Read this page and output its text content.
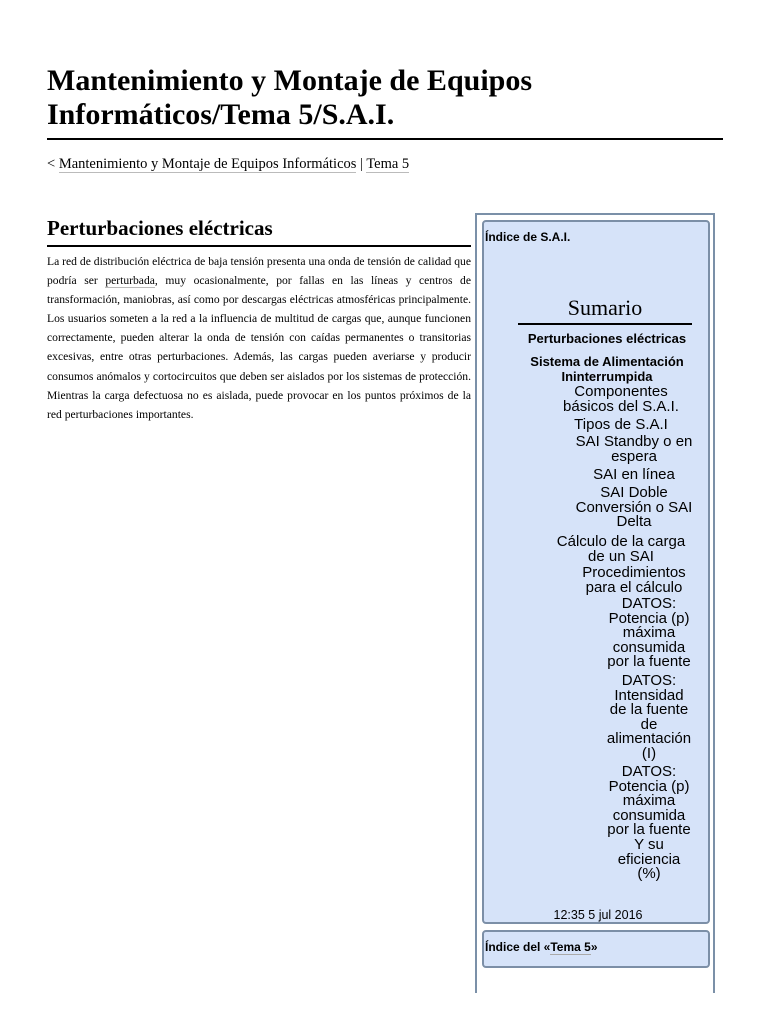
Mantenimiento y Montaje de Equipos Informáticos/Tema 5/S.A.I.
< Mantenimiento y Montaje de Equipos Informáticos | Tema 5
Perturbaciones eléctricas

La red de distribución eléctrica de baja tensión presenta una onda de tensión de calidad que podría ser perturbada, muy ocasionalmente, por fallas en las líneas y centros de transformación, maniobras, así como por descargas eléctricas atmosféricas principalmente. Los usuarios someten a la red a la influencia de multitud de cargas que, aunque funcionen correctamente, pueden alterar la onda de tensión con caídas permanentes o transitorias excesivas, entre otras perturbaciones. Además, las cargas pueden averiarse y producir consumos anómalos y cortocircuitos que deben ser aislados por los sistemas de protección. Mientras la carga defectuosa no es aislada, puede provocar en los puntos próximos de la red perturbaciones importantes.

Índice de S.A.I.
Sumario
Perturbaciones eléctricas
Sistema de Alimentación Ininterrumpida
Componentes básicos del S.A.I.
Tipos de S.A.I
SAI Standby o en espera
SAI en línea
SAI Doble Conversión o SAI Delta
Cálculo de la carga de un SAI
Procedimientos para el cálculo
DATOS: Potencia (p) máxima consumida por la fuente
DATOS: Intensidad de la fuente de alimentación (I)
DATOS: Potencia (p) máxima consumida por la fuente Y su eficiencia (%)
12:35 5 jul 2016
Índice del «Tema 5»
